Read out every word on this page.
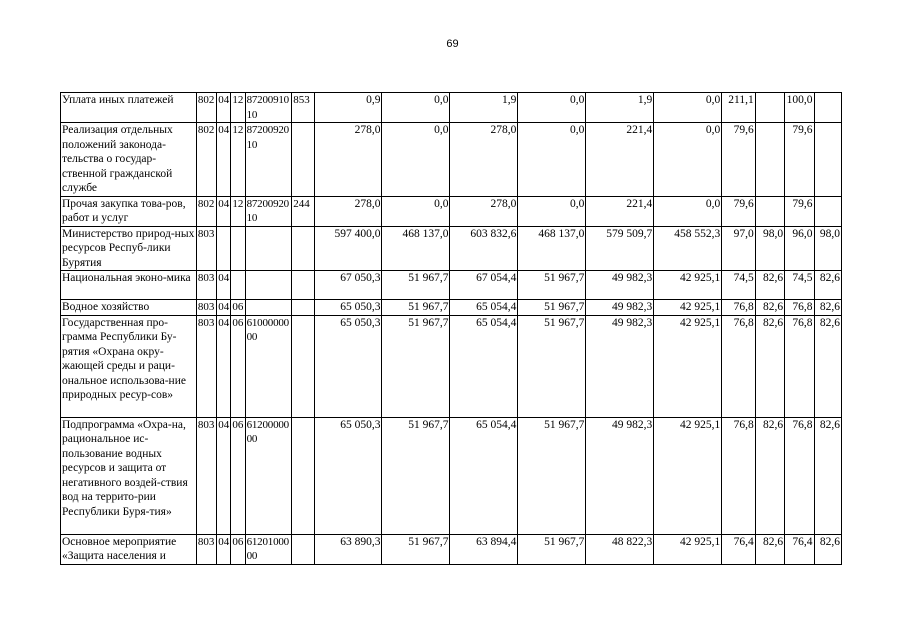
69
Уплата иных платежей	802	04	12	8720091010	853	0,9	0,0	1,9	0,0	1,9	0,0	211,1		100,0	
Реализация отдельных положений законода-тельства о государ-ственной гражданской службе	802	04	12	8720092010		278,0	0,0	278,0	0,0	221,4	0,0	79,6		79,6	
Прочая закупка това-ров, работ и услуг	802	04	12	8720092010	244	278,0	0,0	278,0	0,0	221,4	0,0	79,6		79,6	
Министерство природ-ных ресурсов Респуб-лики Бурятия	803					597 400,0	468 137,0	603 832,6	468 137,0	579 509,7	458 552,3	97,0	98,0	96,0	98,0
Национальная эконо-мика	803	04				67 050,3	51 967,7	67 054,4	51 967,7	49 982,3	42 925,1	74,5	82,6	74,5	82,6
Водное хозяйство	803	04	06			65 050,3	51 967,7	65 054,4	51 967,7	49 982,3	42 925,1	76,8	82,6	76,8	82,6
Государственная про-грамма Республики Бу-рятия «Охрана окру-жающей среды и раци-ональное использова-ние природных ресур-сов»	803	04	06	6100000000		65 050,3	51 967,7	65 054,4	51 967,7	49 982,3	42 925,1	76,8	82,6	76,8	82,6
Подпрограмма «Охра-на, рациональное ис-пользование водных ресурсов и защита от негативного воздей-ствия вод на террито-рии Республики Буря-тия»	803	04	06	6120000000		65 050,3	51 967,7	65 054,4	51 967,7	49 982,3	42 925,1	76,8	82,6	76,8	82,6
Основное мероприятие «Защита населения и	803	04	06	6120100000		63 890,3	51 967,7	63 894,4	51 967,7	48 822,3	42 925,1	76,4	82,6	76,4	82,6
